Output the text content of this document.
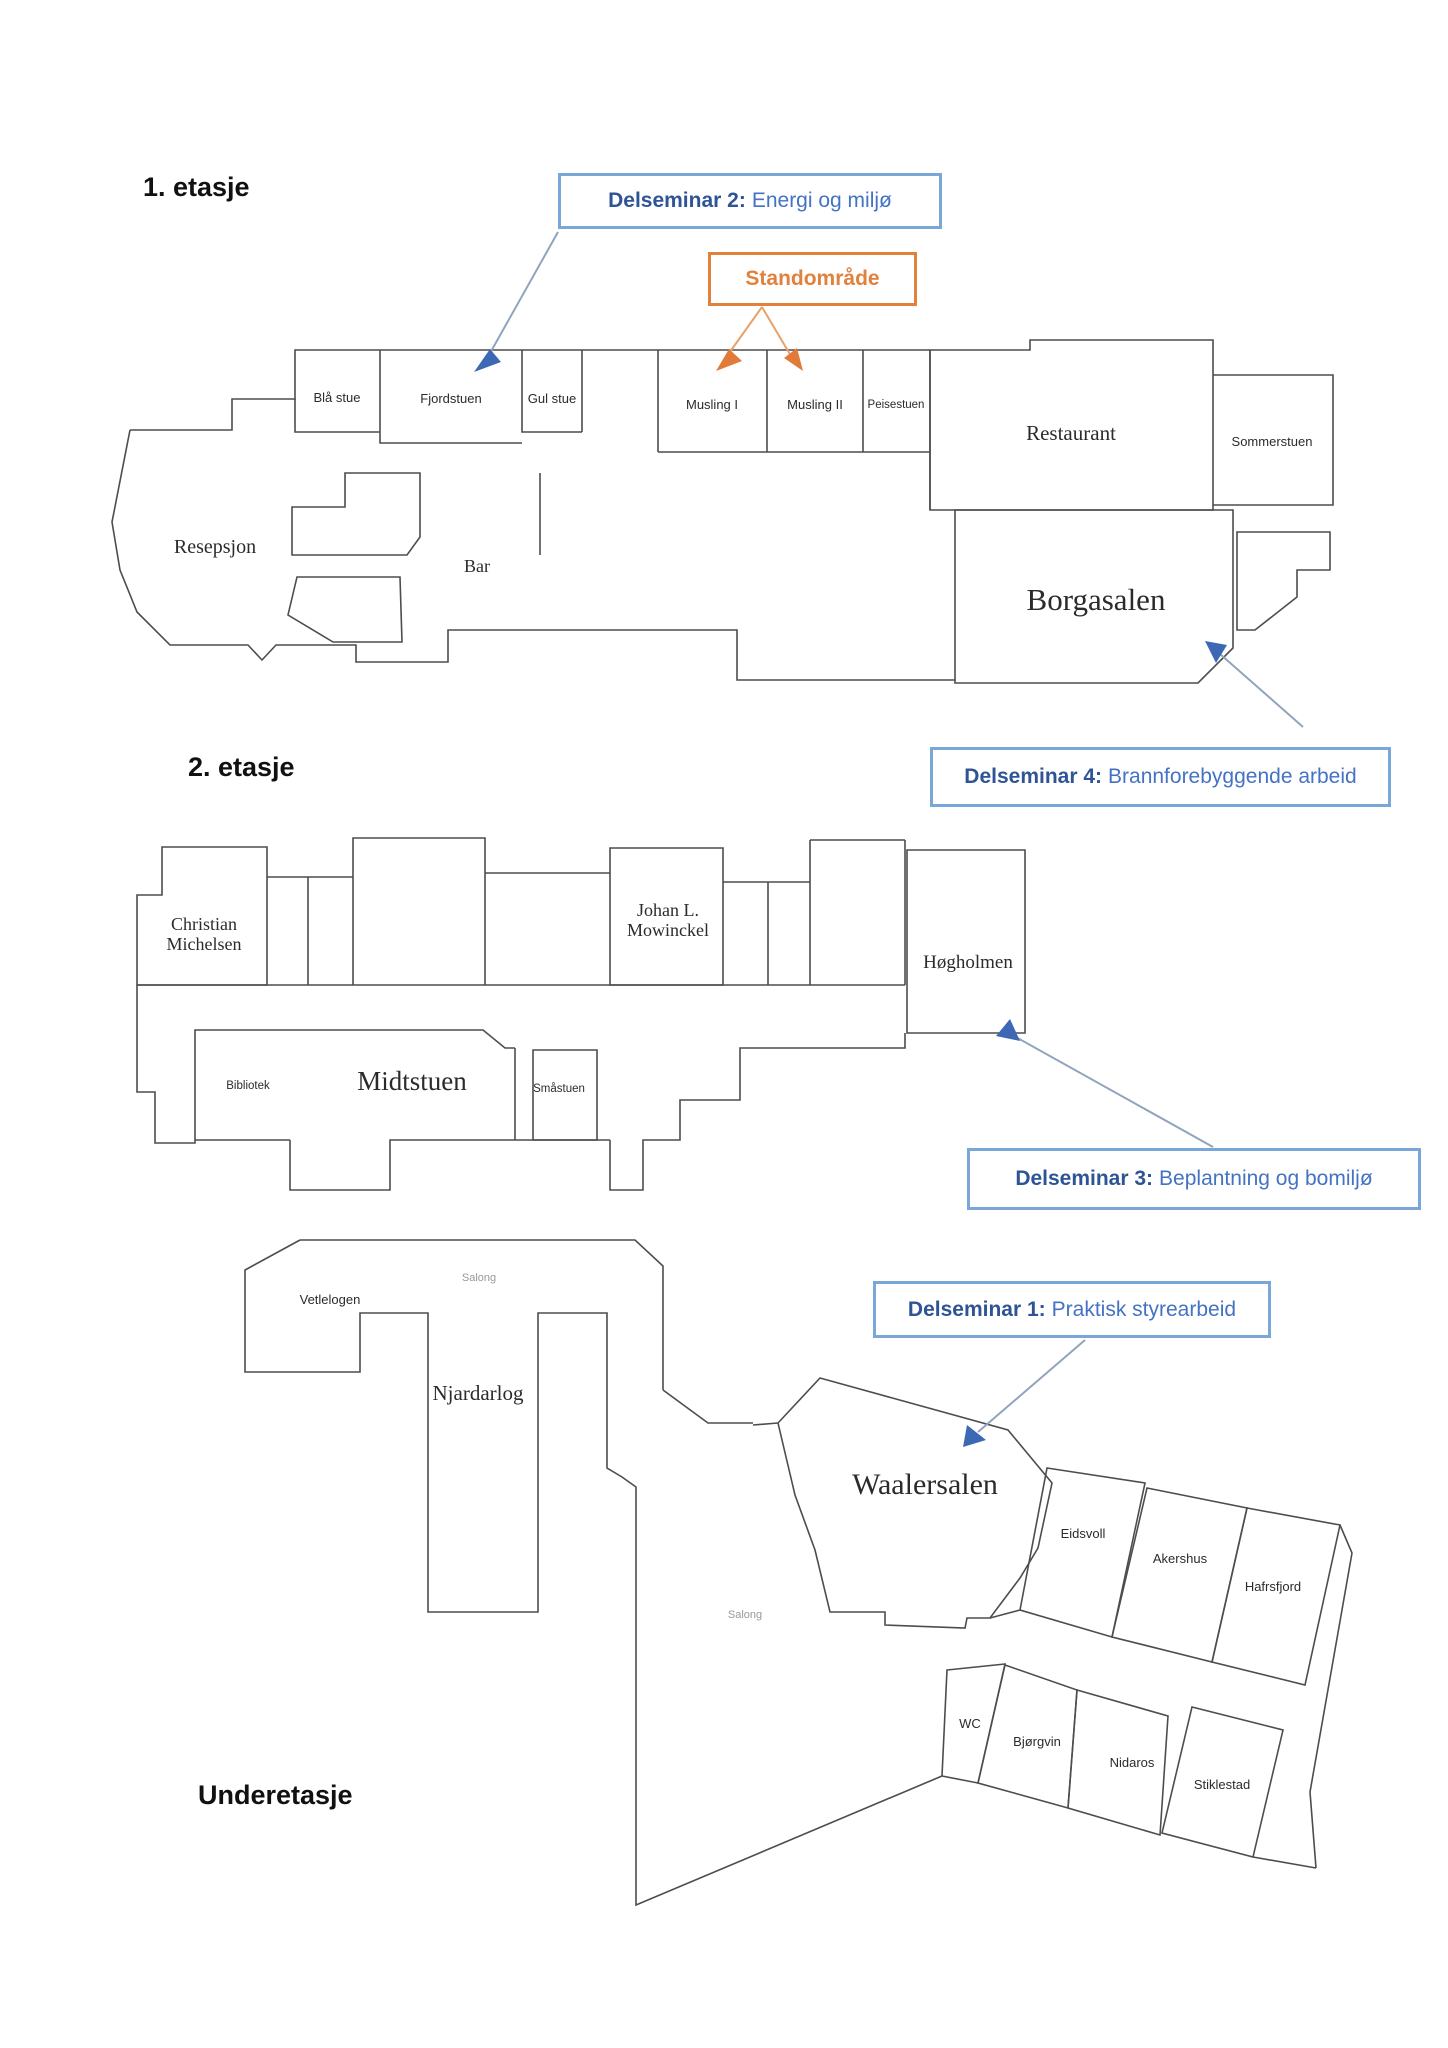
Blå stue	Fjordstuen	Gul stue	Musling I	Musling II Peisestuen
Restaurant	Sommerstuen
Resepsjon
Bar
Borgasalen
Christian
Michelsen
Johan L.
Mowinckel
Høgholmen
Bibliotek	Midtstuen	Småstuen
Vetlelogen
Salong
Njardarlog
Waalersalen
Salong
Eidsvoll
Akershus
Hafrsfjord
WC
Bjørgvin
Nidaros
Stiklestad
1. etasje
2. etasje
Underetasje
Delseminar 2: Energi og miljø
Standområde
Delseminar 4: Brannforebyggende arbeid
Delseminar 3: Beplantning og bomiljø
Delseminar 1: Praktisk styrearbeid
